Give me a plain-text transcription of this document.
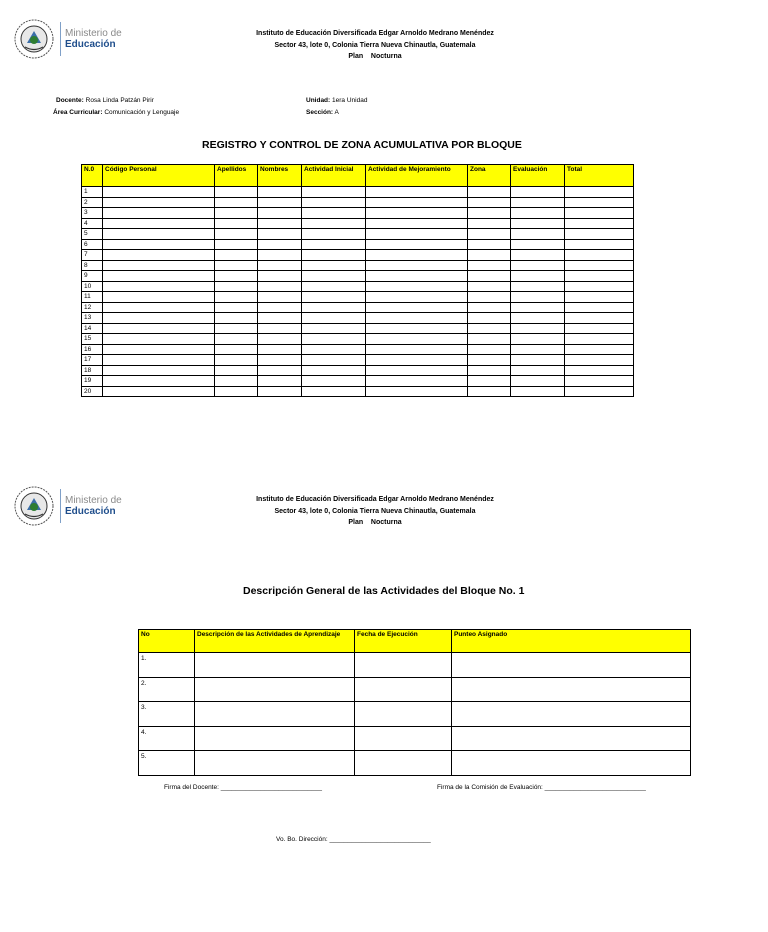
Ministerio de
Educación
Instituto de Educación Diversificada Edgar Arnoldo Medrano Menéndez
Sector 43, lote 0, Colonia Tierra Nueva Chinautla, Guatemala
Plan Nocturna
Docente: Rosa Linda Patzán Pirir
Área Curricular: Comunicación y Lenguaje
Unidad: 1era Unidad
Sección: A
REGISTRO Y CONTROL DE ZONA ACUMULATIVA POR BLOQUE
N.0	Código Personal	Apellidos	Nombres	Actividad Inicial	Actividad de Mejoramiento	Zona	Evaluación	Total
1								
2								
3								
4								
5								
6								
7								
8								
9								
10								
11								
12								
13								
14								
15								
16								
17								
18								
19								
20								
Ministerio de
Educación
Instituto de Educación Diversificada Edgar Arnoldo Medrano Menéndez
Sector 43, lote 0, Colonia Tierra Nueva Chinautla, Guatemala
Plan Nocturna
Descripción General de las Actividades del Bloque No. 1
No	Descripción de las Actividades de Aprendizaje	Fecha de Ejecución	Punteo Asignado
1.			
2.			
3.			
4.			
5.			
Firma del Docente: ____________________________	Firma de la Comisión de Evaluación: ____________________________
Vo. Bo. Dirección: ____________________________
